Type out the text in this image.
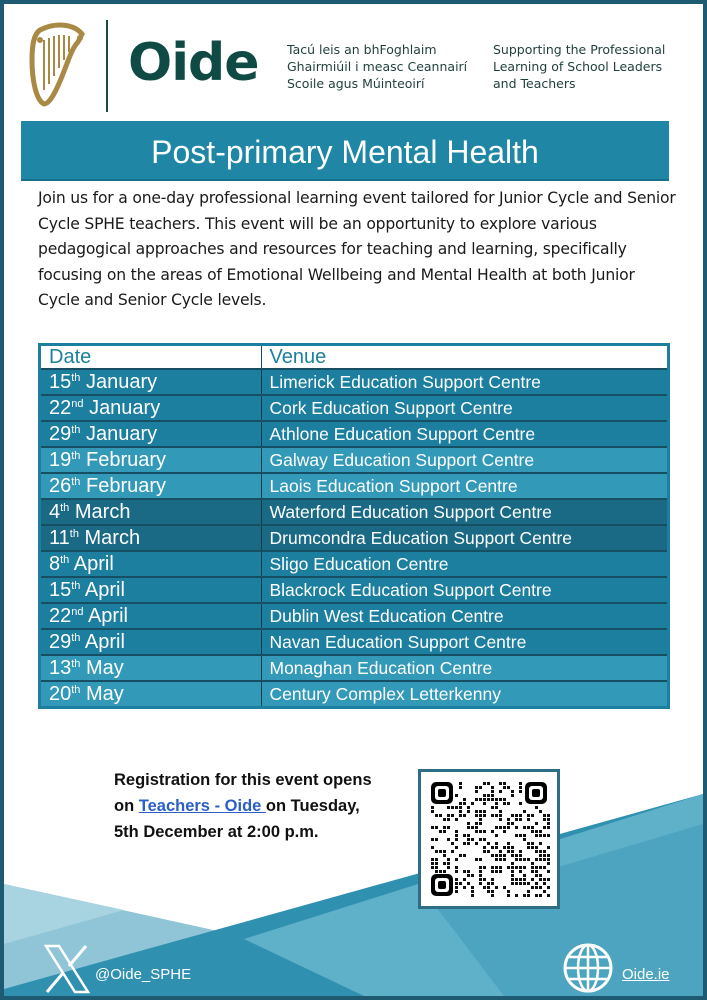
Oide Tacú leis an bhFoghlaim
Ghairmiúil i measc Ceannairí
Scoile agus Múinteoirí
Supporting the Professional
Learning of School Leaders
and Teachers
Post-primary Mental Health

Join us for a one-day professional learning event tailored for Junior Cycle and Senior Cycle SPHE teachers. This event will be an opportunity to explore various pedagogical approaches and resources for teaching and learning, specifically focusing on the areas of Emotional Wellbeing and Mental Health at both Junior Cycle and Senior Cycle levels.

Date	Venue
15th January	Limerick Education Support Centre
22nd January	Cork Education Support Centre
29th January	Athlone Education Support Centre
19th February	Galway Education Support Centre
26th February	Laois Education Support Centre
4th March	Waterford Education Support Centre
11th March	Drumcondra Education Support Centre
8th April	Sligo Education Centre
15th April	Blackrock Education Support Centre
22nd April	Dublin West Education Centre
29th April	Navan Education Support Centre
13th May	Monaghan Education Centre
20th May	Century Complex Letterkenny
Registration for this event opens
on Teachers - Oide on Tuesday,
5th December at 2:00 p.m.
@Oide_SPHE	Oide.ie
